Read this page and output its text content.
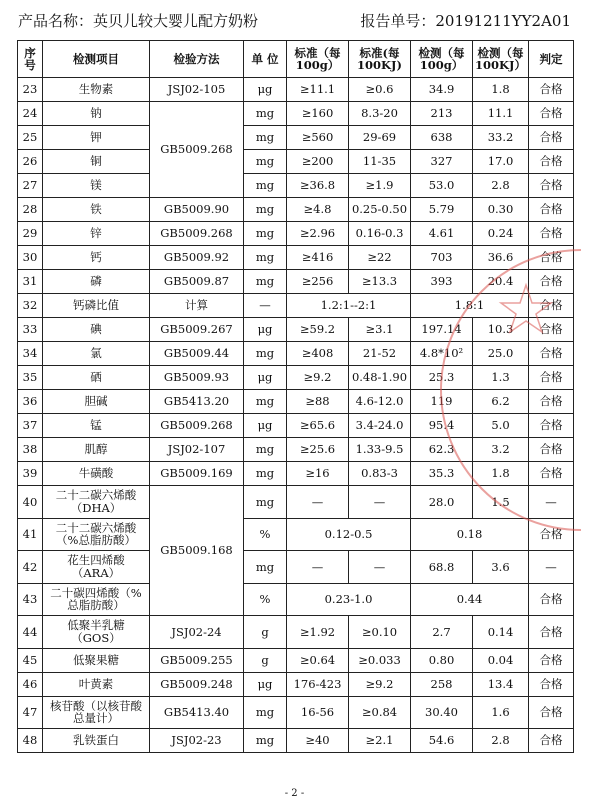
产品名称：英贝儿较大婴儿配方奶粉	报告单号：20191211YY2A01
序
号	检测项目	检验方法	单 位	标准（每
100g）	标准(每
100KJ)	检测（每
100g）	检测（每
100KJ）	判定
23	生物素	JSJ02-105	μg	≥11.1	≥0.6	34.9	1.8	合格
24	钠	GB5009.268	mg	≥160	8.3-20	213	11.1	合格
25	钾		mg	≥560	29-69	638	33.2	合格
26	铜		mg	≥200	11-35	327	17.0	合格
27	镁		mg	≥36.8	≥1.9	53.0	2.8	合格
28	铁	GB5009.90	mg	≥4.8	0.25-0.50	5.79	0.30	合格
29	锌	GB5009.268	mg	≥2.96	0.16-0.3	4.61	0.24	合格
30	钙	GB5009.92	mg	≥416	≥22	703	36.6	合格
31	磷	GB5009.87	mg	≥256	≥13.3	393	20.4	合格
32	钙磷比值	计算	—	1.2:1--2:1		1.8:1		合格
33	碘	GB5009.267	μg	≥59.2	≥3.1	197.14	10.3	合格
34	氯	GB5009.44	mg	≥408	21-52	4.8*10²	25.0	合格
35	硒	GB5009.93	μg	≥9.2	0.48-1.90	25.3	1.3	合格
36	胆碱	GB5413.20	mg	≥88	4.6-12.0	119	6.2	合格
37	锰	GB5009.268	μg	≥65.6	3.4-24.0	95.4	5.0	合格
38	肌醇	JSJ02-107	mg	≥25.6	1.33-9.5	62.3	3.2	合格
39	牛磺酸	GB5009.169	mg	≥16	0.83-3	35.3	1.8	合格
40	二十二碳六烯酸
（DHA）	GB5009.168	mg	—	—	28.0	1.5	—
41	二十二碳六烯酸
（%总脂肪酸）		%	0.12-0.5		0.18		合格
42	花生四烯酸
（ARA）		mg	—	—	68.8	3.6	—
43	二十碳四烯酸（%
总脂肪酸）		%	0.23-1.0		0.44		合格
44	低聚半乳糖
（GOS）	JSJ02-24	g	≥1.92	≥0.10	2.7	0.14	合格
45	低聚果糖	GB5009.255	g	≥0.64	≥0.033	0.80	0.04	合格
46	叶黄素	GB5009.248	μg	176-423	≥9.2	258	13.4	合格
47	核苷酸（以核苷酸
总量计）	GB5413.40	mg	16-56	≥0.84	30.40	1.6	合格
48	乳铁蛋白	JSJ02-23	mg	≥40	≥2.1	54.6	2.8	合格
- 2 -
